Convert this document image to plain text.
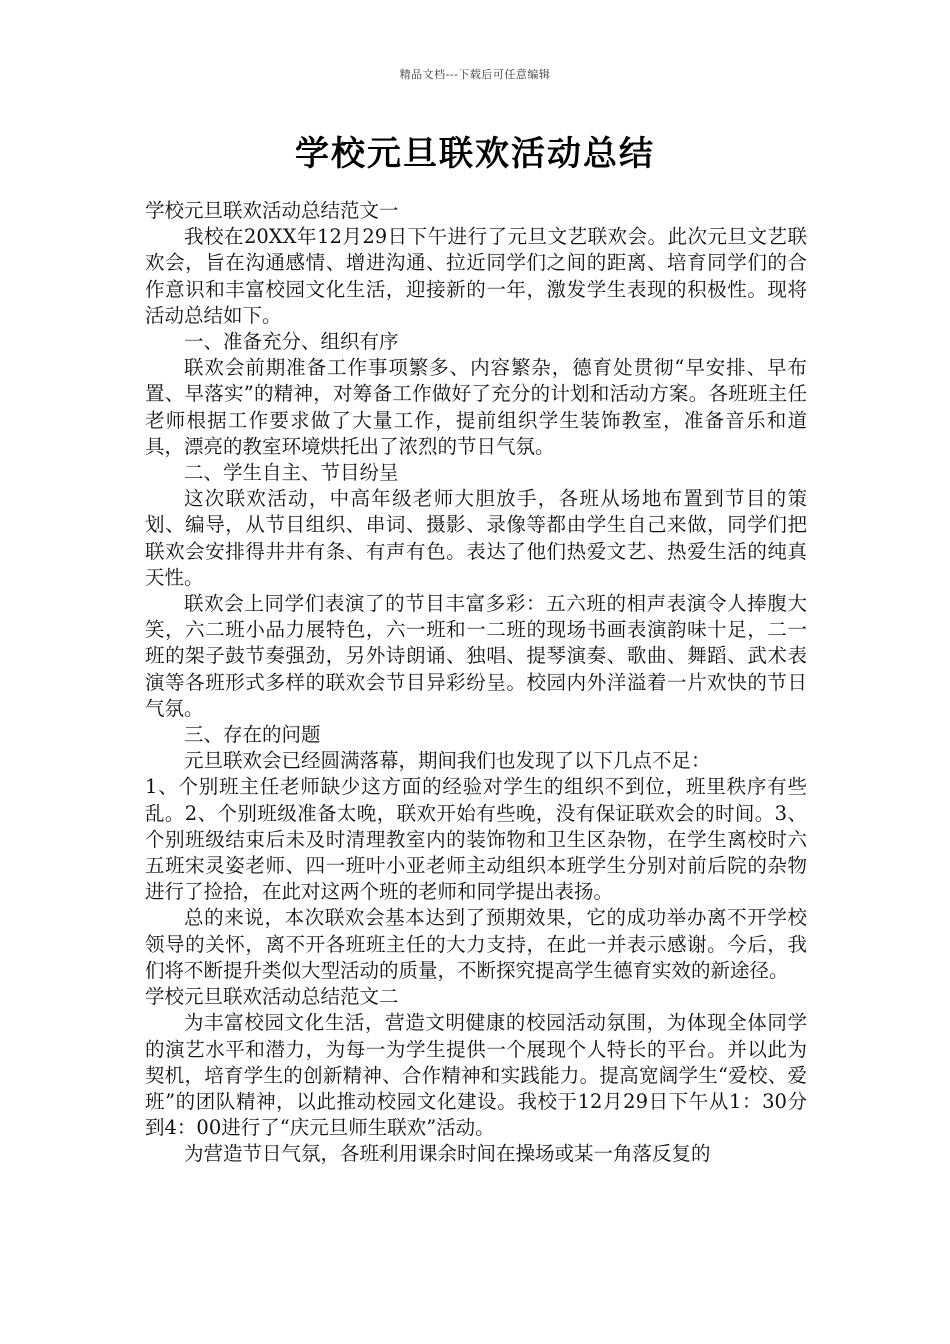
精品文档---下载后可任意编辑
学校元旦联欢活动总结

学校元旦联欢活动总结范文一

我校在20XX年12月29日下午进行了元旦文艺联欢会。此次元旦文艺联欢会，旨在沟通感情、增进沟通、拉近同学们之间的距离、培育同学们的合作意识和丰富校园文化生活，迎接新的一年，激发学生表现的积极性。现将活动总结如下。

一、准备充分、组织有序

联欢会前期准备工作事项繁多、内容繁杂，德育处贯彻“早安排、早布置、早落实”的精神，对筹备工作做好了充分的计划和活动方案。各班班主任老师根据工作要求做了大量工作，提前组织学生装饰教室，准备音乐和道具，漂亮的教室环境烘托出了浓烈的节日气氛。

二、学生自主、节目纷呈

这次联欢活动，中高年级老师大胆放手，各班从场地布置到节目的策划、编导，从节目组织、串词、摄影、录像等都由学生自己来做，同学们把联欢会安排得井井有条、有声有色。表达了他们热爱文艺、热爱生活的纯真天性。

联欢会上同学们表演了的节目丰富多彩：五六班的相声表演令人捧腹大笑，六二班小品力展特色，六一班和一二班的现场书画表演韵味十足，二一班的架子鼓节奏强劲，另外诗朗诵、独唱、提琴演奏、歌曲、舞蹈、武术表演等各班形式多样的联欢会节目异彩纷呈。校园内外洋溢着一片欢快的节日气氛。

三、存在的问题

元旦联欢会已经圆满落幕，期间我们也发现了以下几点不足：

1、个别班主任老师缺少这方面的经验对学生的组织不到位，班里秩序有些乱。2、个别班级准备太晚，联欢开始有些晚，没有保证联欢会的时间。3、个别班级结束后未及时清理教室内的装饰物和卫生区杂物，在学生离校时六五班宋灵姿老师、四一班叶小亚老师主动组织本班学生分别对前后院的杂物进行了捡拾，在此对这两个班的老师和同学提出表扬。

总的来说，本次联欢会基本达到了预期效果，它的成功举办离不开学校领导的关怀，离不开各班班主任的大力支持，在此一并表示感谢。今后，我们将不断提升类似大型活动的质量，不断探究提高学生德育实效的新途径。

学校元旦联欢活动总结范文二

为丰富校园文化生活，营造文明健康的校园活动氛围，为体现全体同学的演艺水平和潜力，为每一为学生提供一个展现个人特长的平台。并以此为契机，培育学生的创新精神、合作精神和实践能力。提高宽阔学生“爱校、爱班”的团队精神，以此推动校园文化建设。我校于12月29日下午从1：30分到4：00进行了“庆元旦师生联欢”活动。

为营造节日气氛，各班利用课余时间在操场或某一角落反复的
